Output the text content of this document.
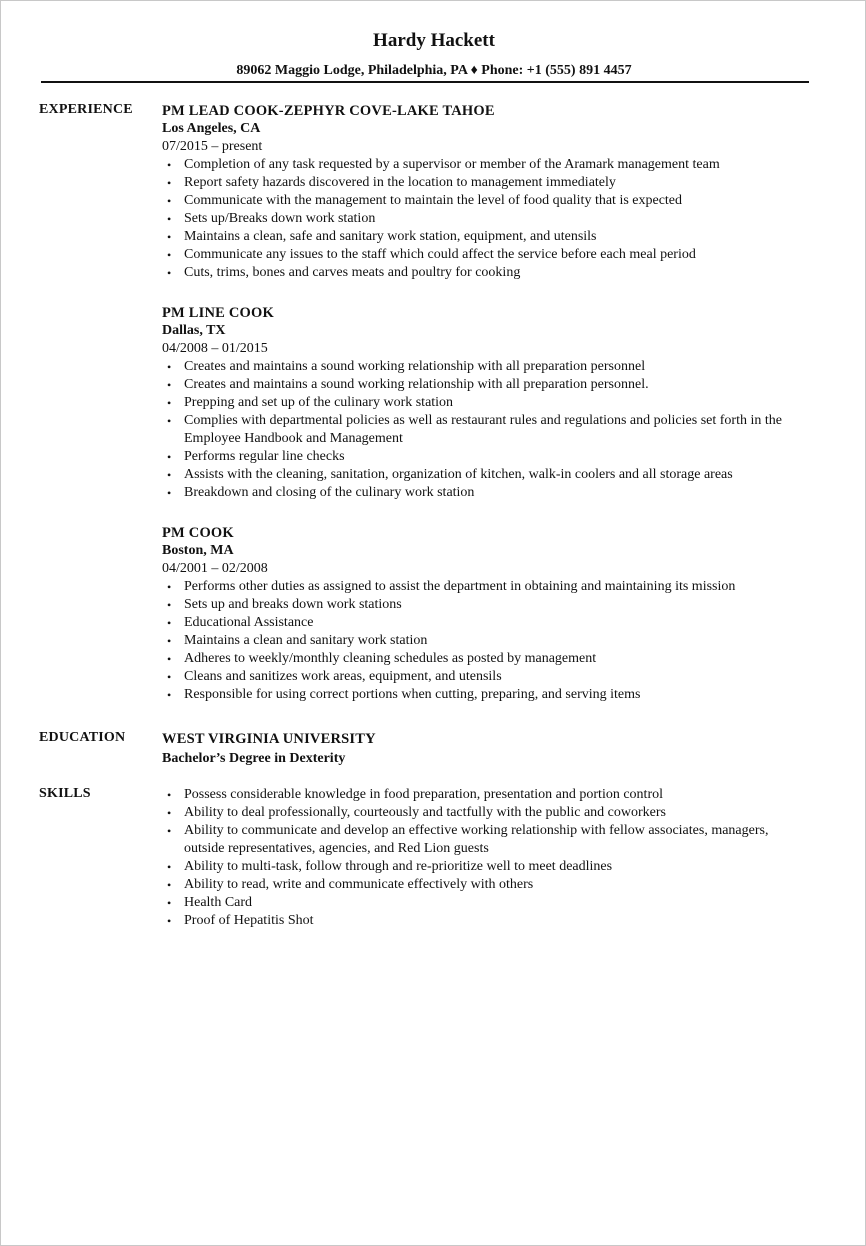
Hardy Hackett
89062 Maggio Lodge, Philadelphia, PA ♦ Phone: +1 (555) 891 4457
EXPERIENCE PM LEAD COOK-ZEPHYR COVE-LAKE TAHOE
Los Angeles, CA
07/2015 – present
• Completion of any task requested by a supervisor or member of the Aramark management team
• Report safety hazards discovered in the location to management immediately
• Communicate with the management to maintain the level of food quality that is expected
• Sets up/Breaks down work station
• Maintains a clean, safe and sanitary work station, equipment, and utensils
• Communicate any issues to the staff which could affect the service before each meal period
• Cuts, trims, bones and carves meats and poultry for cooking
PM LINE COOK
Dallas, TX
04/2008 – 01/2015
• Creates and maintains a sound working relationship with all preparation personnel
• Creates and maintains a sound working relationship with all preparation personnel.
• Prepping and set up of the culinary work station
• Complies with departmental policies as well as restaurant rules and regulations and policies set forth in the Employee Handbook and Management
• Performs regular line checks
• Assists with the cleaning, sanitation, organization of kitchen, walk-in coolers and all storage areas
• Breakdown and closing of the culinary work station
PM COOK
Boston, MA
04/2001 – 02/2008
• Performs other duties as assigned to assist the department in obtaining and maintaining its mission
• Sets up and breaks down work stations
• Educational Assistance
• Maintains a clean and sanitary work station
• Adheres to weekly/monthly cleaning schedules as posted by management
• Cleans and sanitizes work areas, equipment, and utensils
• Responsible for using correct portions when cutting, preparing, and serving items
EDUCATION	WEST VIRGINIA UNIVERSITY
Bachelor’s Degree in Dexterity
SKILLS
•	Possess considerable knowledge in food preparation, presentation and portion control
• Ability to deal professionally, courteously and tactfully with the public and coworkers
• Ability to communicate and develop an effective working relationship with fellow associates, managers, outside representatives, agencies, and Red Lion guests
• Ability to multi-task, follow through and re-prioritize well to meet deadlines
• Ability to read, write and communicate effectively with others
• Health Card
• Proof of Hepatitis Shot
